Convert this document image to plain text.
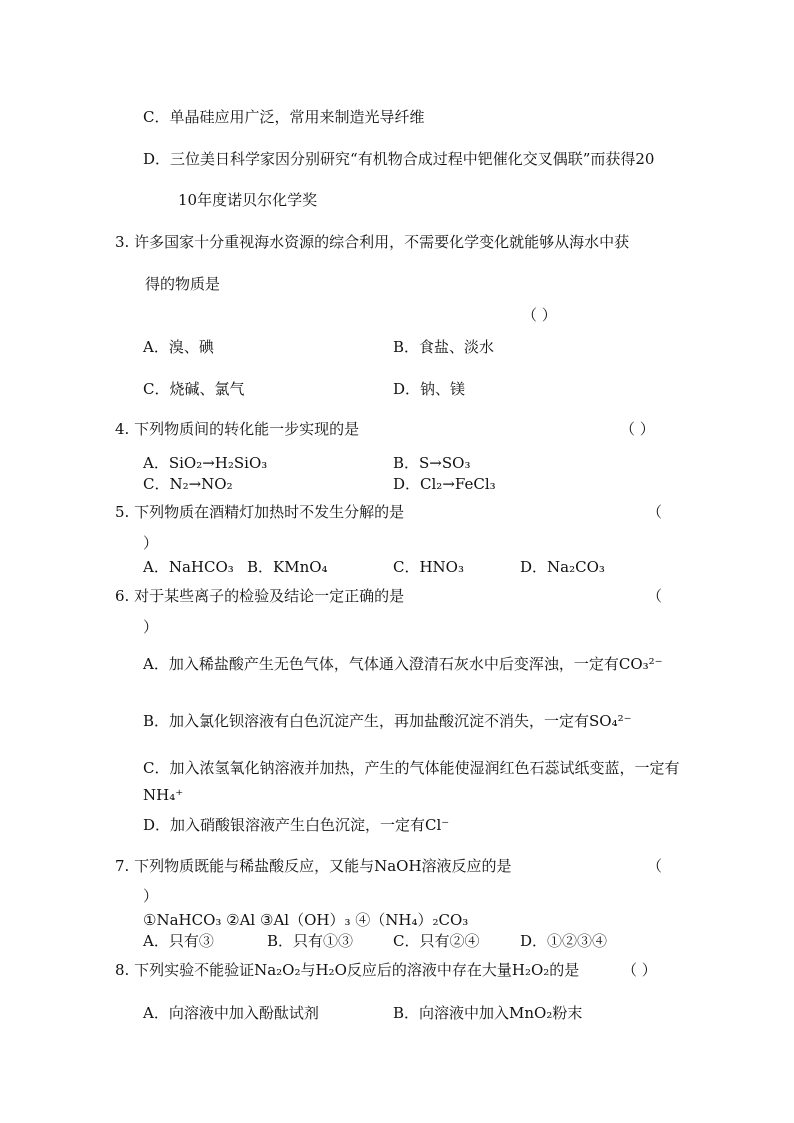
C．单晶硅应用广泛，常用来制造光导纤维
D．三位美日科学家因分别研究“有机物合成过程中钯催化交叉偶联”而获得20
10年度诺贝尔化学奖
3. 许多国家十分重视海水资源的综合利用，不需要化学变化就能够从海水中获
得的物质是
（ ）
A．溴、碘	B．食盐、淡水
C．烧碱、氯气	D．钠、镁
4. 下列物质间的转化能一步实现的是	（ ）
A．SiO₂→H₂SiO₃	B．S→SO₃
C．N₂→NO₂	D．Cl₂→FeCl₃
5. 下列物质在酒精灯加热时不发生分解的是	（
）
A．NaHCO₃ B．KMnO₄	C．HNO₃	D．Na₂CO₃
6. 对于某些离子的检验及结论一定正确的是	（
）
A．加入稀盐酸产生无色气体，气体通入澄清石灰水中后变浑浊，一定有CO₃²⁻
B．加入氯化钡溶液有白色沉淀产生，再加盐酸沉淀不消失，一定有SO₄²⁻
C．加入浓氢氧化钠溶液并加热，产生的气体能使湿润红色石蕊试纸变蓝，一定有NH₄⁺
D．加入硝酸银溶液产生白色沉淀，一定有Cl⁻
7. 下列物质既能与稀盐酸反应，又能与NaOH溶液反应的是	（
）
①NaHCO₃ ②Al ③Al（OH）₃ ④（NH₄）₂CO₃
A．只有③	B．只有①③	C．只有②④	D．①②③④
8. 下列实验不能验证Na₂O₂与H₂O反应后的溶液中存在大量H₂O₂的是	（ ）
A．向溶液中加入酚酞试剂	B．向溶液中加入MnO₂粉末
